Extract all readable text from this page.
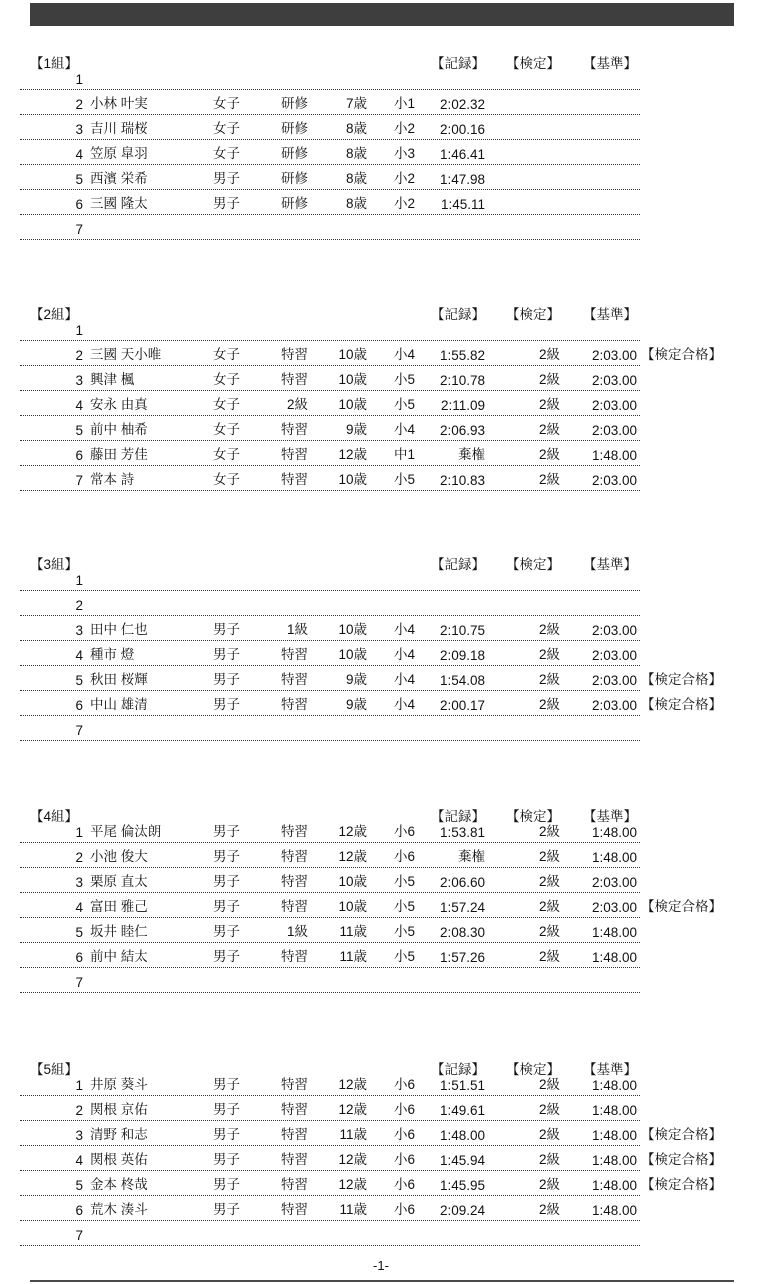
NO.1  100m個人メドレー

【1組】	【記録】	【検定】	【基準】
1
2 小林 叶実	女子	研修	7歳	小1	2:02.32
3 吉川 瑞桜	女子	研修	8歳	小2	2:00.16
4 笠原 皐羽	女子	研修	8歳	小3	1:46.41
5 西濱 栄希	男子	研修	8歳	小2	1:47.98
6 三國 隆太	男子	研修	8歳	小2	1:45.11
7
【2組】	【記録】	【検定】	【基準】
1
2 三國 天小唯	女子	特習	10歳	小4	1:55.82	2級	2:03.00 【検定合格】
3 興津 楓	女子	特習	10歳	小5	2:10.78	2級	2:03.00
4 安永 由真	女子	2級	10歳	小5	2:11.09	2級	2:03.00
5 前中 柚希	女子	特習	9歳	小4	2:06.93	2級	2:03.00
6 藤田 芳佳	女子	特習	12歳	中1	棄権	2級	1:48.00
7 常本 詩	女子	特習	10歳	小5	2:10.83	2級	2:03.00
【3組】	【記録】	【検定】	【基準】
1
2
3 田中 仁也	男子	1級	10歳	小4	2:10.75	2級	2:03.00
4 種市 燈	男子	特習	10歳	小4	2:09.18	2級	2:03.00
5 秋田 桜輝	男子	特習	9歳	小4	1:54.08	2級	2:03.00 【検定合格】
6 中山 雄清	男子	特習	9歳	小4	2:00.17	2級	2:03.00 【検定合格】
7
【4組】	【記録】	【検定】	【基準】
1 平尾 倫汰朗	男子	特習	12歳	小6	1:53.81	2級	1:48.00
2 小池 俊大	男子	特習	12歳	小6	棄権	2級	1:48.00
3 栗原 直太	男子	特習	10歳	小5	2:06.60	2級	2:03.00
4 富田 雅己	男子	特習	10歳	小5	1:57.24	2級	2:03.00 【検定合格】
5 坂井 睦仁	男子	1級	11歳	小5	2:08.30	2級	1:48.00
6 前中 結太	男子	特習	11歳	小5	1:57.26	2級	1:48.00
7
【5組】	【記録】	【検定】	【基準】
1 井原 葵斗	男子	特習	12歳	小6	1:51.51	2級	1:48.00
2 関根 京佑	男子	特習	12歳	小6	1:49.61	2級	1:48.00
3 清野 和志	男子	特習	11歳	小6	1:48.00	2級	1:48.00 【検定合格】
4 関根 英佑	男子	特習	12歳	小6	1:45.94	2級	1:48.00 【検定合格】
5 金本 柊哉	男子	特習	12歳	小6	1:45.95	2級	1:48.00 【検定合格】
6 荒木 湊斗	男子	特習	11歳	小6	2:09.24	2級	1:48.00
7
-1-
